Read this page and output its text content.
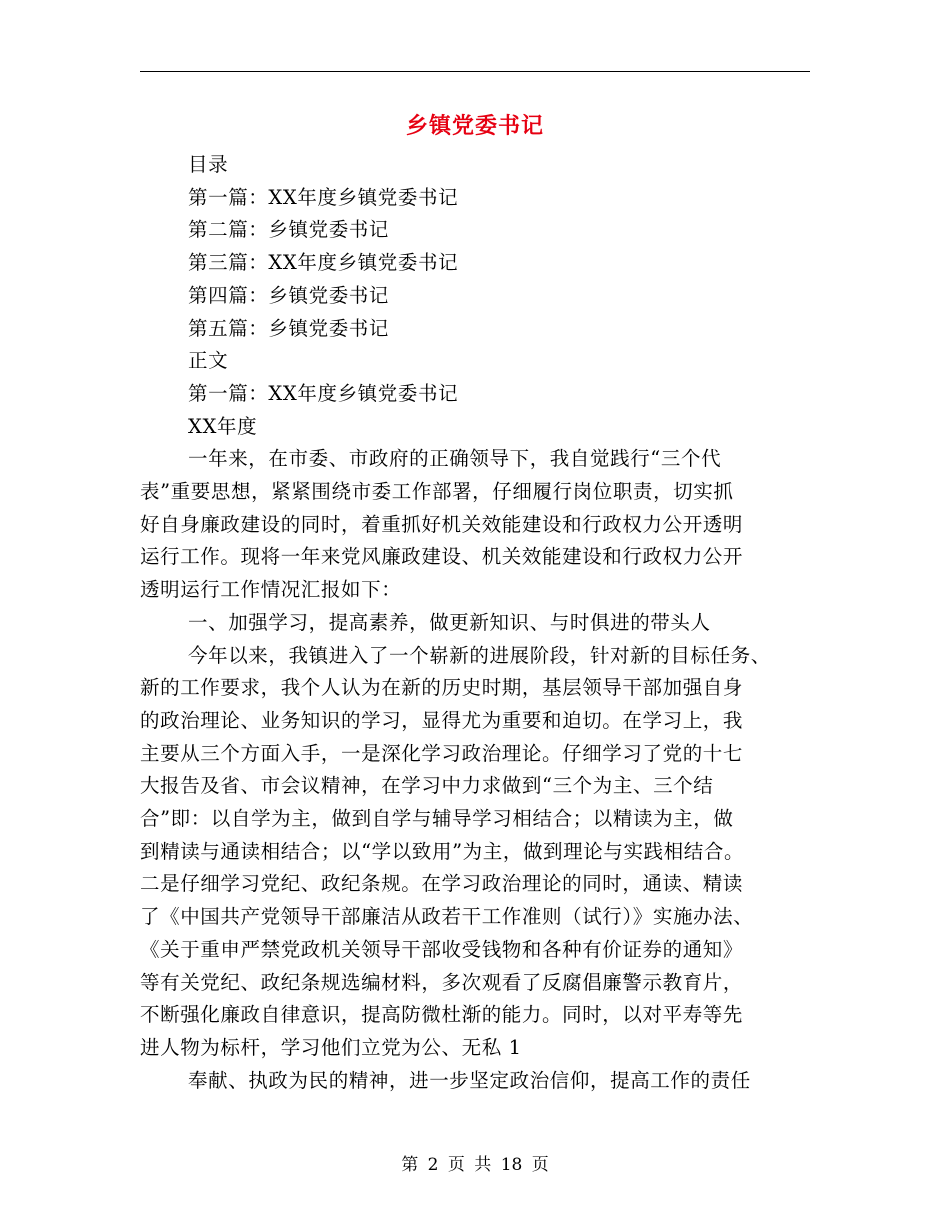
乡镇党委书记

目录

第一篇：XX年度乡镇党委书记

第二篇：乡镇党委书记

第三篇：XX年度乡镇党委书记

第四篇：乡镇党委书记

第五篇：乡镇党委书记

正文

第一篇：XX年度乡镇党委书记

XX年度

一年来，在市委、市政府的正确领导下，我自觉践行“三个代

表”重要思想，紧紧围绕市委工作部署，仔细履行岗位职责，切实抓

好自身廉政建设的同时，着重抓好机关效能建设和行政权力公开透明

运行工作。现将一年来党风廉政建设、机关效能建设和行政权力公开

透明运行工作情况汇报如下：

一、加强学习，提高素养，做更新知识、与时俱进的带头人

今年以来，我镇进入了一个崭新的进展阶段，针对新的目标任务、

新的工作要求，我个人认为在新的历史时期，基层领导干部加强自身

的政治理论、业务知识的学习，显得尤为重要和迫切。在学习上，我

主要从三个方面入手，一是深化学习政治理论。仔细学习了党的十七

大报告及省、市会议精神，在学习中力求做到“三个为主、三个结

合”即：以自学为主，做到自学与辅导学习相结合；以精读为主，做

到精读与通读相结合；以“学以致用”为主，做到理论与实践相结合。

二是仔细学习党纪、政纪条规。在学习政治理论的同时，通读、精读

了《中国共产党领导干部廉洁从政若干工作准则（试行）》实施办法、

《关于重申严禁党政机关领导干部收受钱物和各种有价证券的通知》

等有关党纪、政纪条规选编材料，多次观看了反腐倡廉警示教育片，

不断强化廉政自律意识，提高防微杜渐的能力。同时，以对平寿等先

进人物为标杆，学习他们立党为公、无私 1

奉献、执政为民的精神，进一步坚定政治信仰，提高工作的责任

第 2 页 共 18 页
